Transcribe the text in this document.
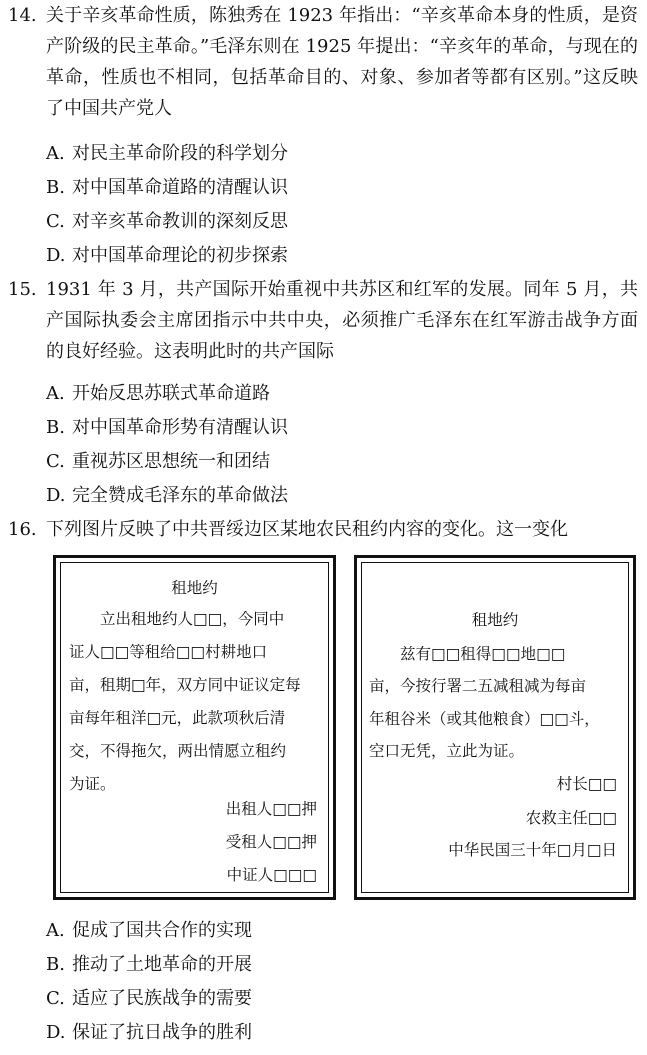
14. 关于辛亥革命性质，陈独秀在 1923 年指出：“辛亥革命本身的性质，是资产阶级的民主革命。”毛泽东则在 1925 年提出：“辛亥年的革命，与现在的革命，性质也不相同，包括革命目的、对象、参加者等都有区别。”这反映了中国共产党人
A. 对民主革命阶段的科学划分
B. 对中国革命道路的清醒认识
C. 对辛亥革命教训的深刻反思
D. 对中国革命理论的初步探索
15. 1931 年 3 月，共产国际开始重视中共苏区和红军的发展。同年 5 月，共产国际执委会主席团指示中共中央，必须推广毛泽东在红军游击战争方面的良好经验。这表明此时的共产国际
A. 开始反思苏联式革命道路
B. 对中国革命形势有清醒认识
C. 重视苏区思想统一和团结
D. 完全赞成毛泽东的革命做法
16. 下列图片反映了中共晋绥边区某地农民租约内容的变化。这一变化
租地约
　　立出租地约人□□，今同中
证人□□等租给□□村耕地口
亩，租期□年，双方同中证议定每
亩每年租洋□元，此款项秋后清
交，不得拖欠，两出情愿立租约
为证。
出租人□□押
受租人□□押
中证人□□□
租地约
　　兹有□□租得□□地□□
亩，今按行署二五减租减为每亩
年租谷米（或其他粮食）□□斗，
空口无凭，立此为证。
村长□□
农救主任□□
中华民国三十年□月□日
A. 促成了国共合作的实现
B. 推动了土地革命的开展
C. 适应了民族战争的需要
D. 保证了抗日战争的胜利
